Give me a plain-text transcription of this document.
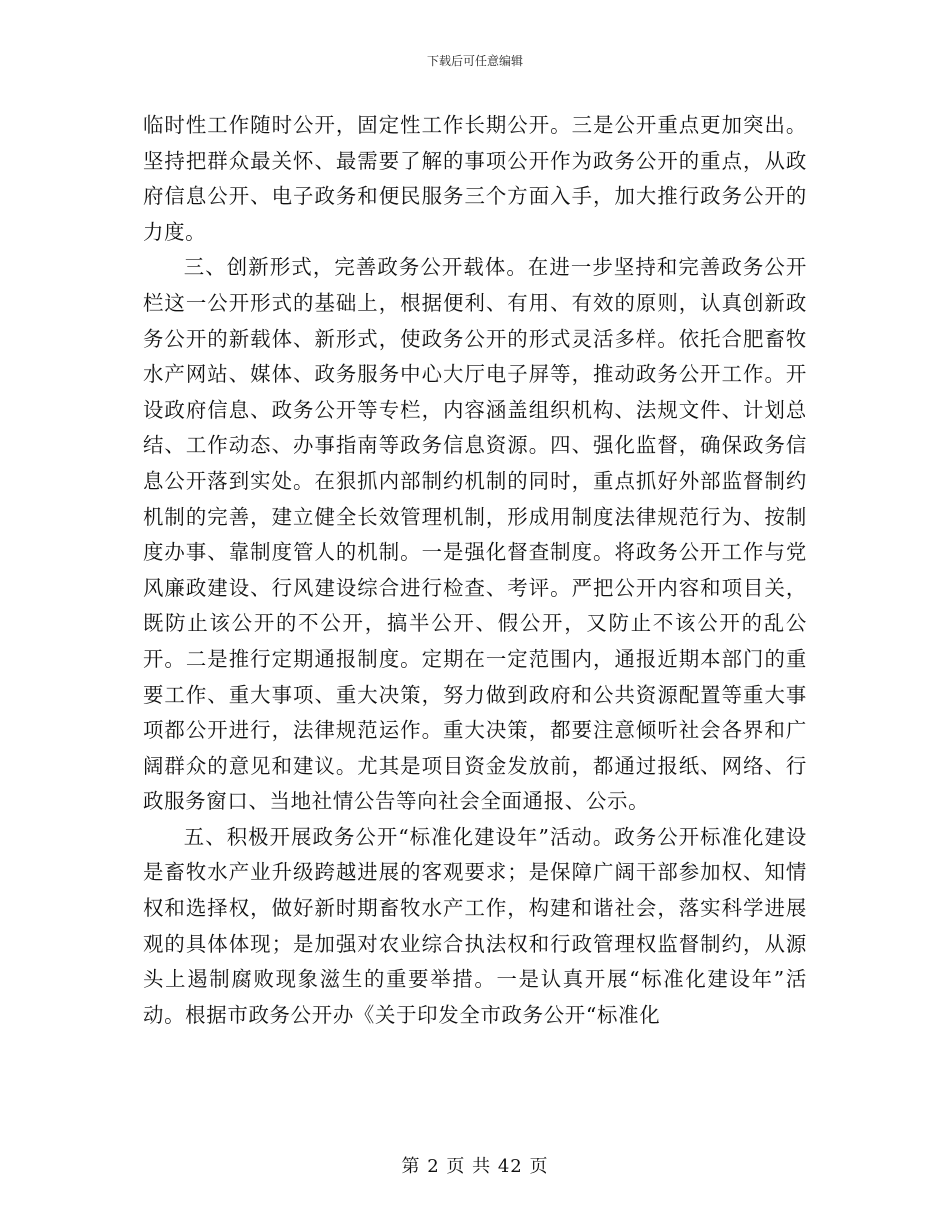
下载后可任意编辑

临时性工作随时公开，固定性工作长期公开。三是公开重点更加突出。坚持把群众最关怀、最需要了解的事项公开作为政务公开的重点，从政府信息公开、电子政务和便民服务三个方面入手，加大推行政务公开的力度。

三、创新形式，完善政务公开载体。在进一步坚持和完善政务公开栏这一公开形式的基础上，根据便利、有用、有效的原则，认真创新政务公开的新载体、新形式，使政务公开的形式灵活多样。依托合肥畜牧水产网站、媒体、政务服务中心大厅电子屏等，推动政务公开工作。开设政府信息、政务公开等专栏，内容涵盖组织机构、法规文件、计划总结、工作动态、办事指南等政务信息资源。四、强化监督，确保政务信息公开落到实处。在狠抓内部制约机制的同时，重点抓好外部监督制约机制的完善，建立健全长效管理机制，形成用制度法律规范行为、按制度办事、靠制度管人的机制。一是强化督查制度。将政务公开工作与党风廉政建设、行风建设综合进行检查、考评。严把公开内容和项目关，既防止该公开的不公开，搞半公开、假公开，又防止不该公开的乱公开。二是推行定期通报制度。定期在一定范围内，通报近期本部门的重要工作、重大事项、重大决策，努力做到政府和公共资源配置等重大事项都公开进行，法律规范运作。重大决策，都要注意倾听社会各界和广阔群众的意见和建议。尤其是项目资金发放前，都通过报纸、网络、行政服务窗口、当地社情公告等向社会全面通报、公示。

五、积极开展政务公开“标准化建设年”活动。政务公开标准化建设是畜牧水产业升级跨越进展的客观要求；是保障广阔干部参加权、知情权和选择权，做好新时期畜牧水产工作，构建和谐社会，落实科学进展观的具体体现；是加强对农业综合执法权和行政管理权监督制约，从源头上遏制腐败现象滋生的重要举措。一是认真开展“标准化建设年”活动。根据市政务公开办《关于印发全市政务公开“标准化

第 2 页 共 42 页
